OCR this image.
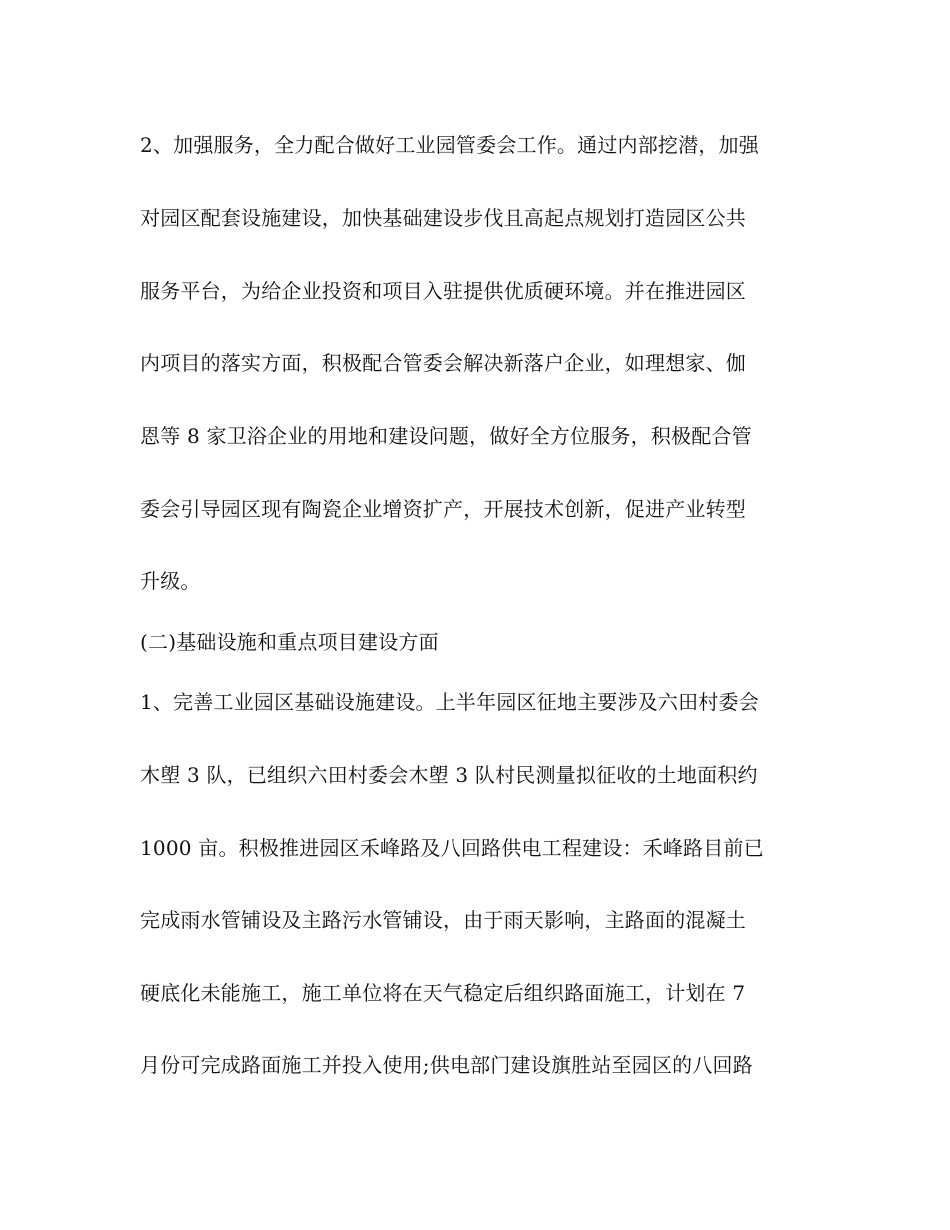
2、加强服务，全力配合做好工业园管委会工作。通过内部挖潜，加强
对园区配套设施建设，加快基础建设步伐且高起点规划打造园区公共
服务平台，为给企业投资和项目入驻提供优质硬环境。并在推进园区
内项目的落实方面，积极配合管委会解决新落户企业，如理想家、伽
恩等 8 家卫浴企业的用地和建设问题，做好全方位服务，积极配合管
委会引导园区现有陶瓷企业增资扩产，开展技术创新，促进产业转型
升级。
(二)基础设施和重点项目建设方面
1、完善工业园区基础设施建设。上半年园区征地主要涉及六田村委会
木塱 3 队，已组织六田村委会木塱 3 队村民测量拟征收的土地面积约
1000 亩。积极推进园区禾峰路及八回路供电工程建设：禾峰路目前已
完成雨水管铺设及主路污水管铺设，由于雨天影响，主路面的混凝土
硬底化未能施工，施工单位将在天气稳定后组织路面施工，计划在 7
月份可完成路面施工并投入使用;供电部门建设旗胜站至园区的八回路
